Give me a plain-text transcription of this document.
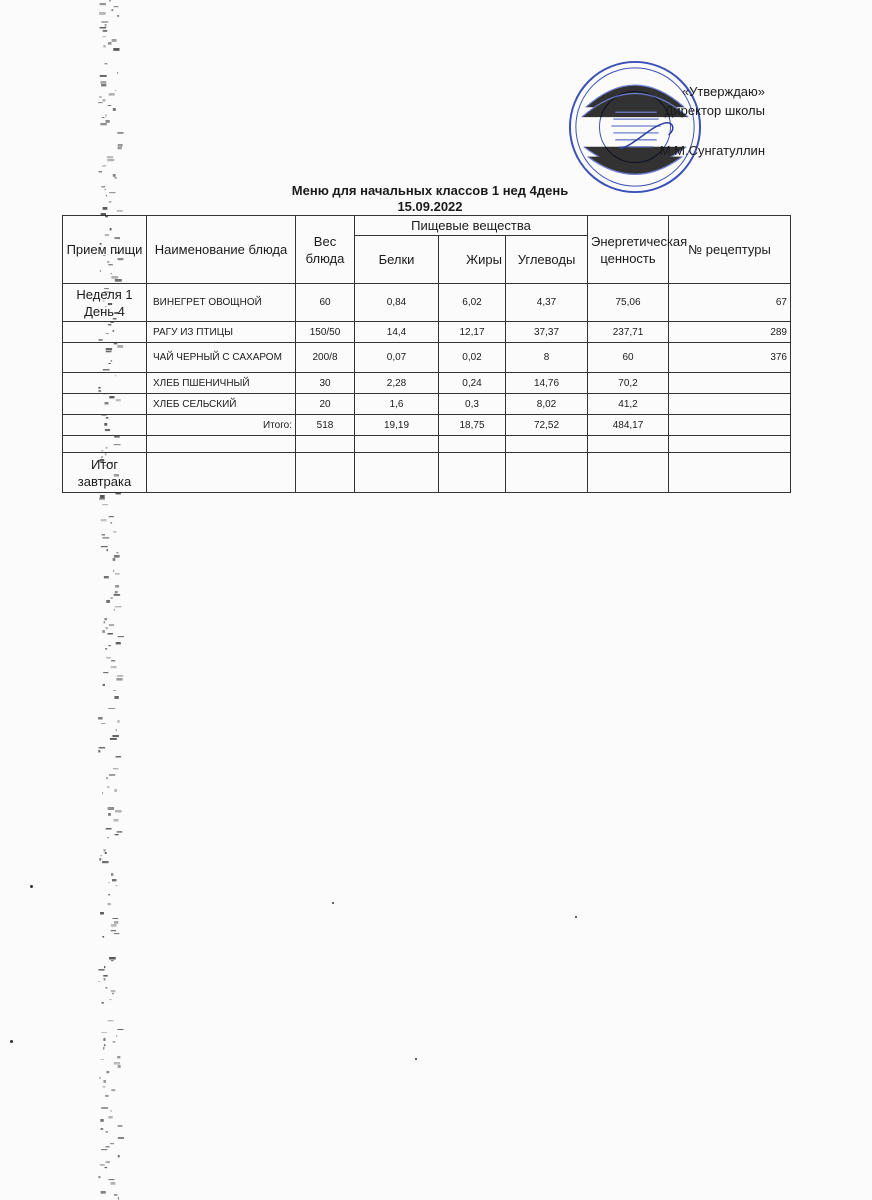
«Утверждаю»
Директор школы
М.М.Сунгатуллин
Меню для начальных классов 1 нед 4день
15.09.2022
Прием пищи	Наименование блюда	Вес блюда	Пищевые вещества			Энергетическая ценность	№ рецептуры
			Белки	Жиры	Углеводы		
Неделя 1 День 4	ВИНЕГРЕТ ОВОЩНОЙ	60	0,84	6,02	4,37	75,06	67
	РАГУ ИЗ ПТИЦЫ	150/50	14,4	12,17	37,37	237,71	289
	ЧАЙ ЧЕРНЫЙ С САХАРОМ	200/8	0,07	0,02	8	60	376
	ХЛЕБ ПШЕНИЧНЫЙ	30	2,28	0,24	14,76	70,2	
	ХЛЕБ СЕЛЬСКИЙ	20	1,6	0,3	8,02	41,2	
	Итого:	518	19,19	18,75	72,52	484,17	

Итог завтрака							
